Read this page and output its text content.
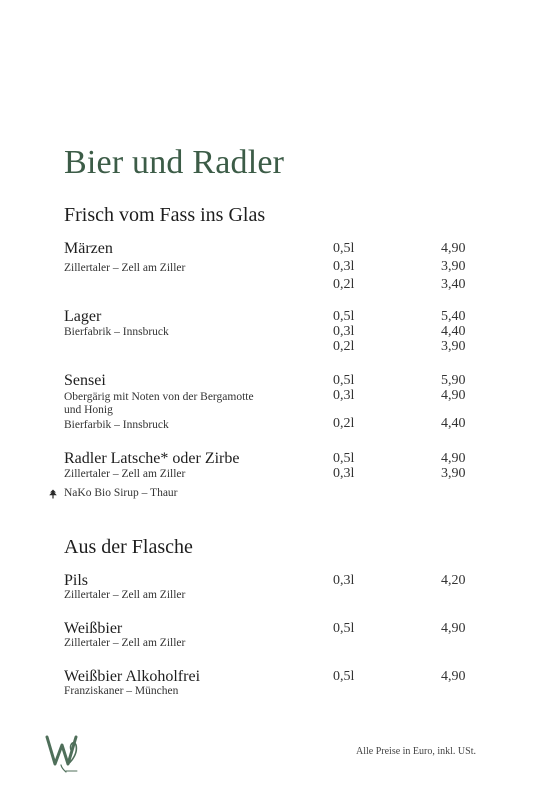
Bier und Radler
Frisch vom Fass ins Glas
Märzen
Zillertaler – Zell am Ziller
0,5l	4,90
0,3l	3,90
0,2l	3,40
Lager
Bierfabrik – Innsbruck
0,5l	5,40
0,3l	4,40
0,2l	3,90
Sensei
Obergärig mit Noten von der Bergamotte
und Honig
Bierfarbik – Innsbruck
0,5l	5,90
0,3l	4,90
0,2l	4,40
Radler Latsche* oder Zirbe
Zillertaler – Zell am Ziller
NaKo Bio Sirup – Thaur
0,5l	4,90
0,3l	3,90
Aus der Flasche
Pils
Zillertaler – Zell am Ziller
0,3l	4,20
Weißbier
Zillertaler – Zell am Ziller
0,5l	4,90
Weißbier Alkoholfrei
Franziskaner – München
0,5l	4,90
Alle Preise in Euro, inkl. USt.
